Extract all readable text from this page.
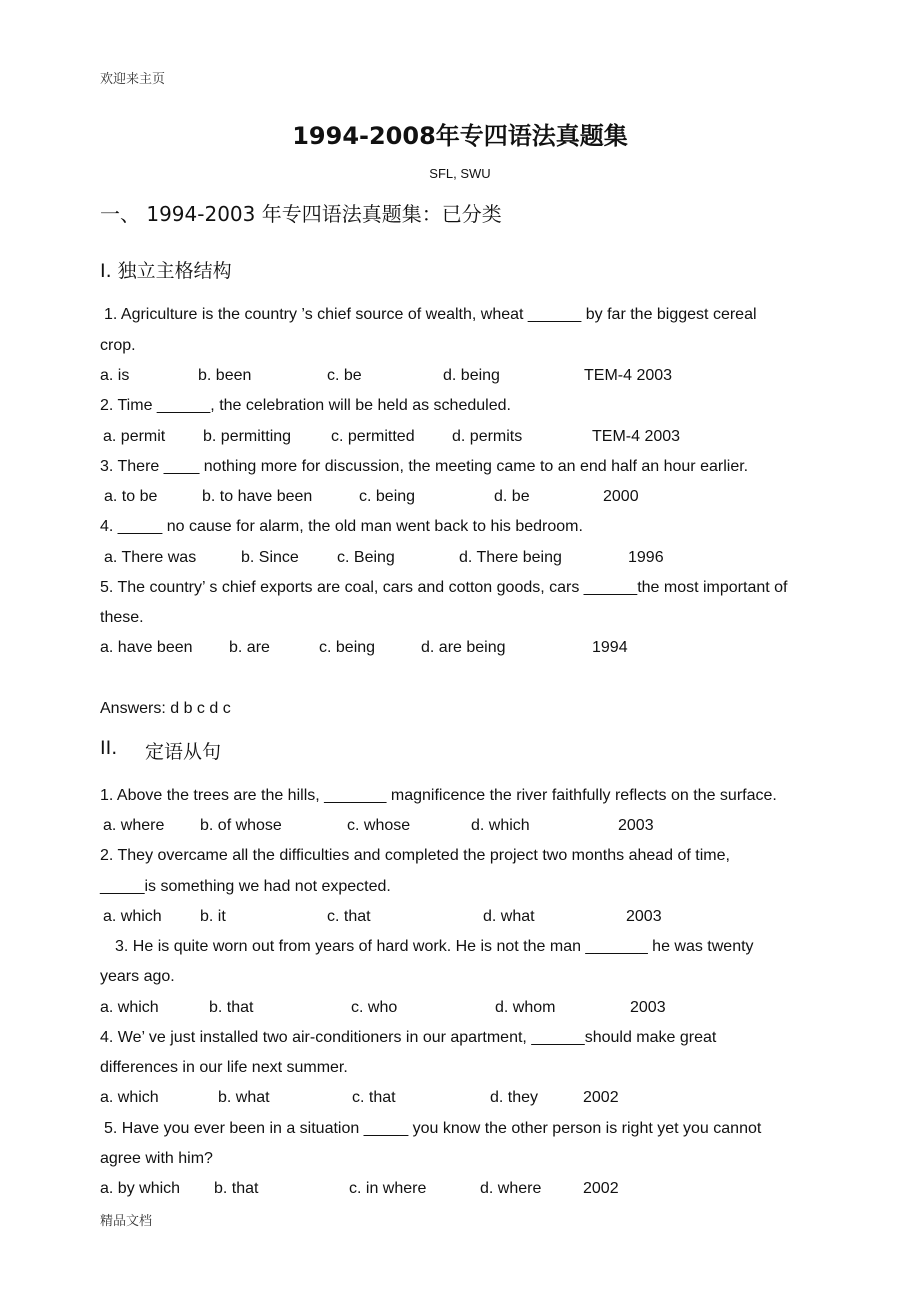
欢迎来主页
1994-2008年专四语法真题集
SFL, SWU
一、 1994-2003 年专四语法真题集：已分类
I. 独立主格结构
1. Agriculture is the country ’s chief source of wealth, wheat ______ by far the biggest cereal
crop.
a. is	b. been	c. be	d. being	TEM-4 2003
2. Time ______, the celebration will be held as scheduled.
a. permit b. permitting c. permitted d. permits	TEM-4 2003
3. There ____ nothing more for discussion, the meeting came to an end half an hour earlier.
a. to be	b. to have been	c. being	d. be	2000
4. _____ no cause for alarm, the old man went back to his bedroom.
a. There was	b. Since c. Being	d. There being	1996
5. The country’ s chief exports are coal, cars and cotton goods, cars ______the most important of
these.
a. have been b. are	c. being	d. are being	1994
Answers: d b c d c
II. 定语从句
1. Above the trees are the hills, _______ magnificence the river faithfully reflects on the surface.
a. where b. of whose	c. whose	d. which	2003
2. They overcame all the difficulties and completed the project two months ahead of time,
_____is something we had not expected.
a. which b. it	c. that	d. what	2003
3. He is quite worn out from years of hard work. He is not the man _______ he was twenty
years ago.
a. which	b. that	c. who	d. whom	2003
4. We’ ve just installed two air-conditioners in our apartment, ______should make great
differences in our life next summer.
a. which	b. what	c. that	d. they	2002
5. Have you ever been in a situation _____ you know the other person is right yet you cannot
agree with him?
a. by which b. that	c. in where	d. where	2002
精品文档
